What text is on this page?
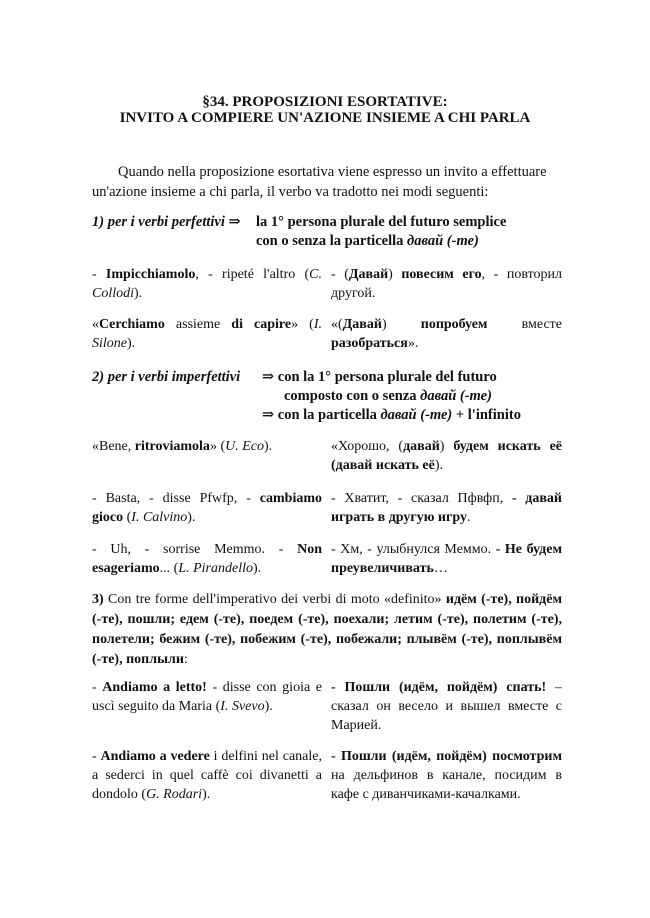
§34. PROPOSIZIONI ESORTATIVE:
INVITO A COMPIERE UN'AZIONE INSIEME A CHI PARLA
Quando nella proposizione esortativa viene espresso un invito a effettuare
un'azione insieme a chi parla, il verbo va tradotto nei modi seguenti:
1) per i verbi perfettivi ⇒ la 1° persona plurale del futuro semplice
con o senza la particella давай (-те)
- Impicchiamolo, - ripeté l'altro (C. Collodi).
- (Давай) повесим его, - повторил другой.
«Cerchiamo assieme di capire» (I. Silone).
«(Давай) попробуем вместе разобраться».
2) per i verbi imperfettivi ⇒ con la 1° persona plurale del futuro
composto con o senza давай (-те)
⇒ con la particella давай (-те) + l'infinito
«Bene, ritroviamola» (U. Eco).	«Хорошо, (давай) будем искать её (давай искать её).
- Basta, - disse Pfwfp, - cambiamo gioco (I. Calvino).
- Хватит, - сказал Пфвфп, - давай играть в другую игру.
- Uh, - sorrise Memmo. - Non esageriamo... (L. Pirandello).
- Хм, - улыбнулся Меммо. - Не будем преувеличивать…
3) Con tre forme dell'imperativo dei verbi di moto «definito» идём (-те), пойдём (-те), пошли; едем (-те), поедем (-те), поехали; летим (-те), полетим (-те), полетели; бежим (-те), побежим (-те), побежали; плывём (-те), поплывём (-те), поплыли:
- Andiamo a letto! - disse con gioia e uscì seguito da Maria (I. Svevo).
- Пошли (идём, пойдём) спать! – сказал он весело и вышел вместе с Марией.
- Andiamo a vedere i delfini nel canale, a sederci in quel caffè coi divanetti a dondolo (G. Rodari).
- Пошли (идём, пойдём) посмотрим на дельфинов в канале, посидим в кафе с диванчиками-качалками.
